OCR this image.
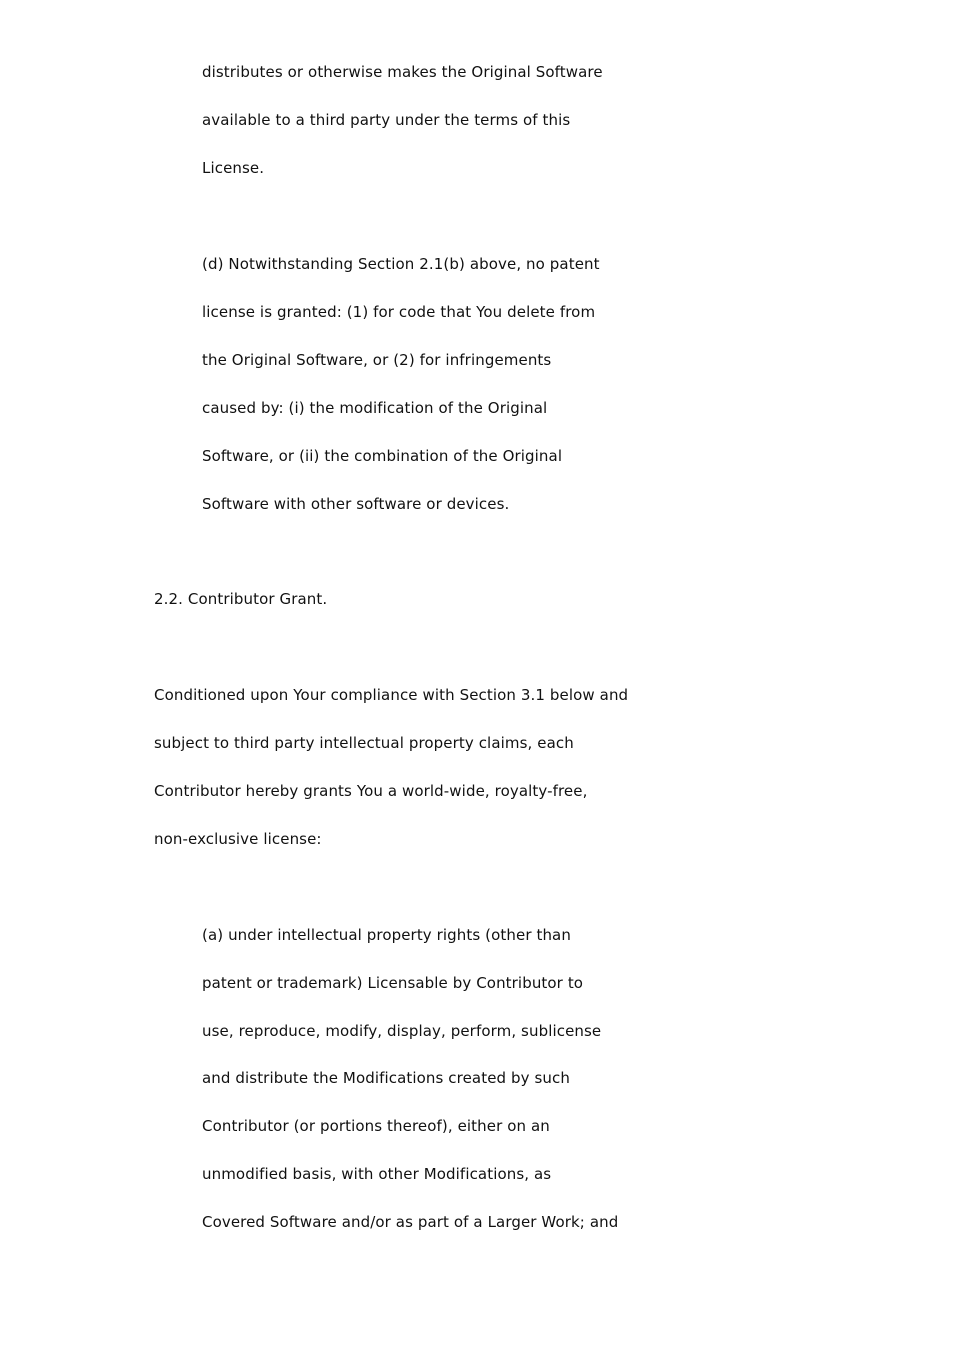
distributes or otherwise makes the Original Software
available to a third party under the terms of this
License.
(d) Notwithstanding Section 2.1(b) above, no patent
license is granted: (1) for code that You delete from
the Original Software, or (2) for infringements
caused by: (i) the modification of the Original
Software, or (ii) the combination of the Original
Software with other software or devices.
2.2. Contributor Grant.
Conditioned upon Your compliance with Section 3.1 below and
subject to third party intellectual property claims, each
Contributor hereby grants You a world-wide, royalty-free,
non-exclusive license:
(a) under intellectual property rights (other than
patent or trademark) Licensable by Contributor to
use, reproduce, modify, display, perform, sublicense
and distribute the Modifications created by such
Contributor (or portions thereof), either on an
unmodified basis, with other Modifications, as
Covered Software and/or as part of a Larger Work; and
